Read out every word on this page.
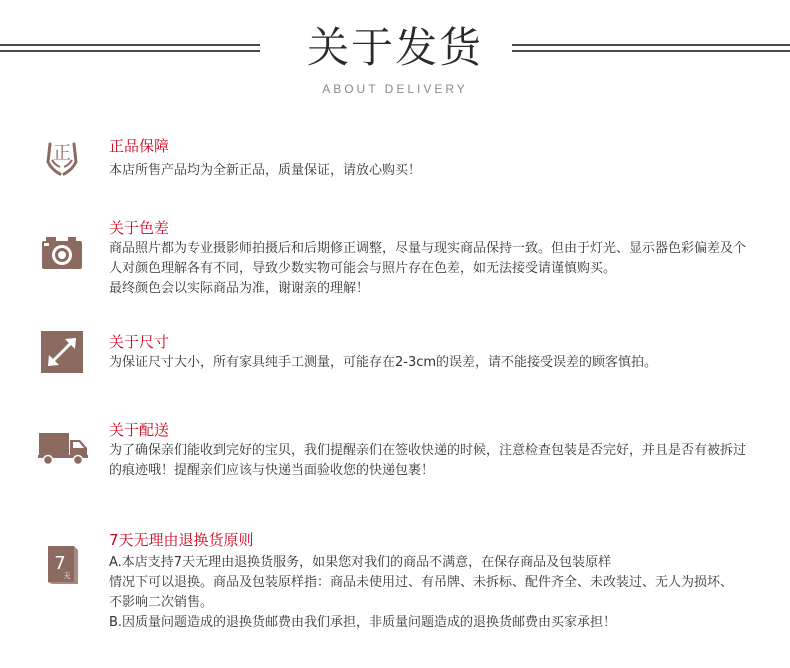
关于发货
ABOUT DELIVERY
正	正品保障

本店所售产品均为全新正品，质量保证，请放心购买！

关于色差

商品照片都为专业摄影师拍摄后和后期修正调整，尽量与现实商品保持一致。但由于灯光、显示器色彩偏差及个

人对颜色理解各有不同，导致少数实物可能会与照片存在色差，如无法接受请谨慎购买。

最终颜色会以实际商品为准，谢谢亲的理解！

关于尺寸

为保证尺寸大小，所有家具纯手工测量，可能存在2-3cm的误差，请不能接受误差的顾客慎拍。

关于配送

为了确保亲们能收到完好的宝贝，我们提醒亲们在签收快递的时候，注意检查包装是否完好，并且是否有被拆过

的痕迹哦！提醒亲们应该与快递当面验收您的快递包裹！

7
天
7天无理由退换货原则

A.本店支持7天无理由退换货服务，如果您对我们的商品不满意，在保存商品及包装原样

情况下可以退换。商品及包装原样指：商品未使用过、有吊牌、未拆标、配件齐全、未改装过、无人为损坏、

不影响二次销售。

B.因质量问题造成的退换货邮费由我们承担，非质量问题造成的退换货邮费由买家承担！
